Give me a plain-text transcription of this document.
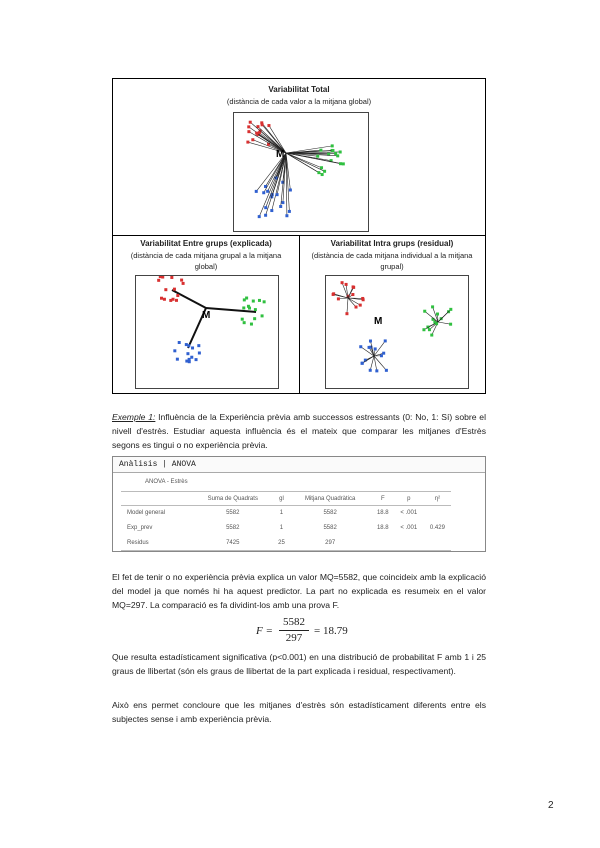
Variabilitat Total
(distància de cada valor a la mitjana global)
M
Variabilitat Entre grups (explicada)
(distància de cada mitjana grupal a la mitjana global)
M
Variabilitat Intra grups (residual)
(distància de cada mitjana individual a la mitjana grupal)
M
Exemple 1: Influència de la Experiència prèvia amb successos estressants (0: No, 1: Sí) sobre el nivell d'estrès. Estudiar aquesta influència és el mateix que comparar les mitjanes d'Estrès segons es tingui o no experiència prèvia.
Anàlisis | ANOVA
ANOVA - Estrès
	Suma de Quadrats	gl	Mitjana Quadràtica	F	p	η²
Model general	5582	1	5582	18.8	< .001	
Exp_prev	5582	1	5582	18.8	< .001	0.429
Residus	7425	25	297			
El fet de tenir o no experiència prèvia explica un valor MQ=5582, que coincideix amb la explicació del model ja que només hi ha aquest predictor. La part no explicada es resumeix en el valor MQ=297. La comparació es fa dividint-los amb una prova F.
F =
5582
297
= 18.79
Que resulta estadísticament significativa (p<0.001) en una distribució de probabilitat F amb 1 i 25 graus de llibertat (són els graus de llibertat de la part explicada i residual, respectivament).
Això ens permet concloure que les mitjanes d'estrès són estadísticament diferents entre els subjectes sense i amb experiència prèvia.
2
